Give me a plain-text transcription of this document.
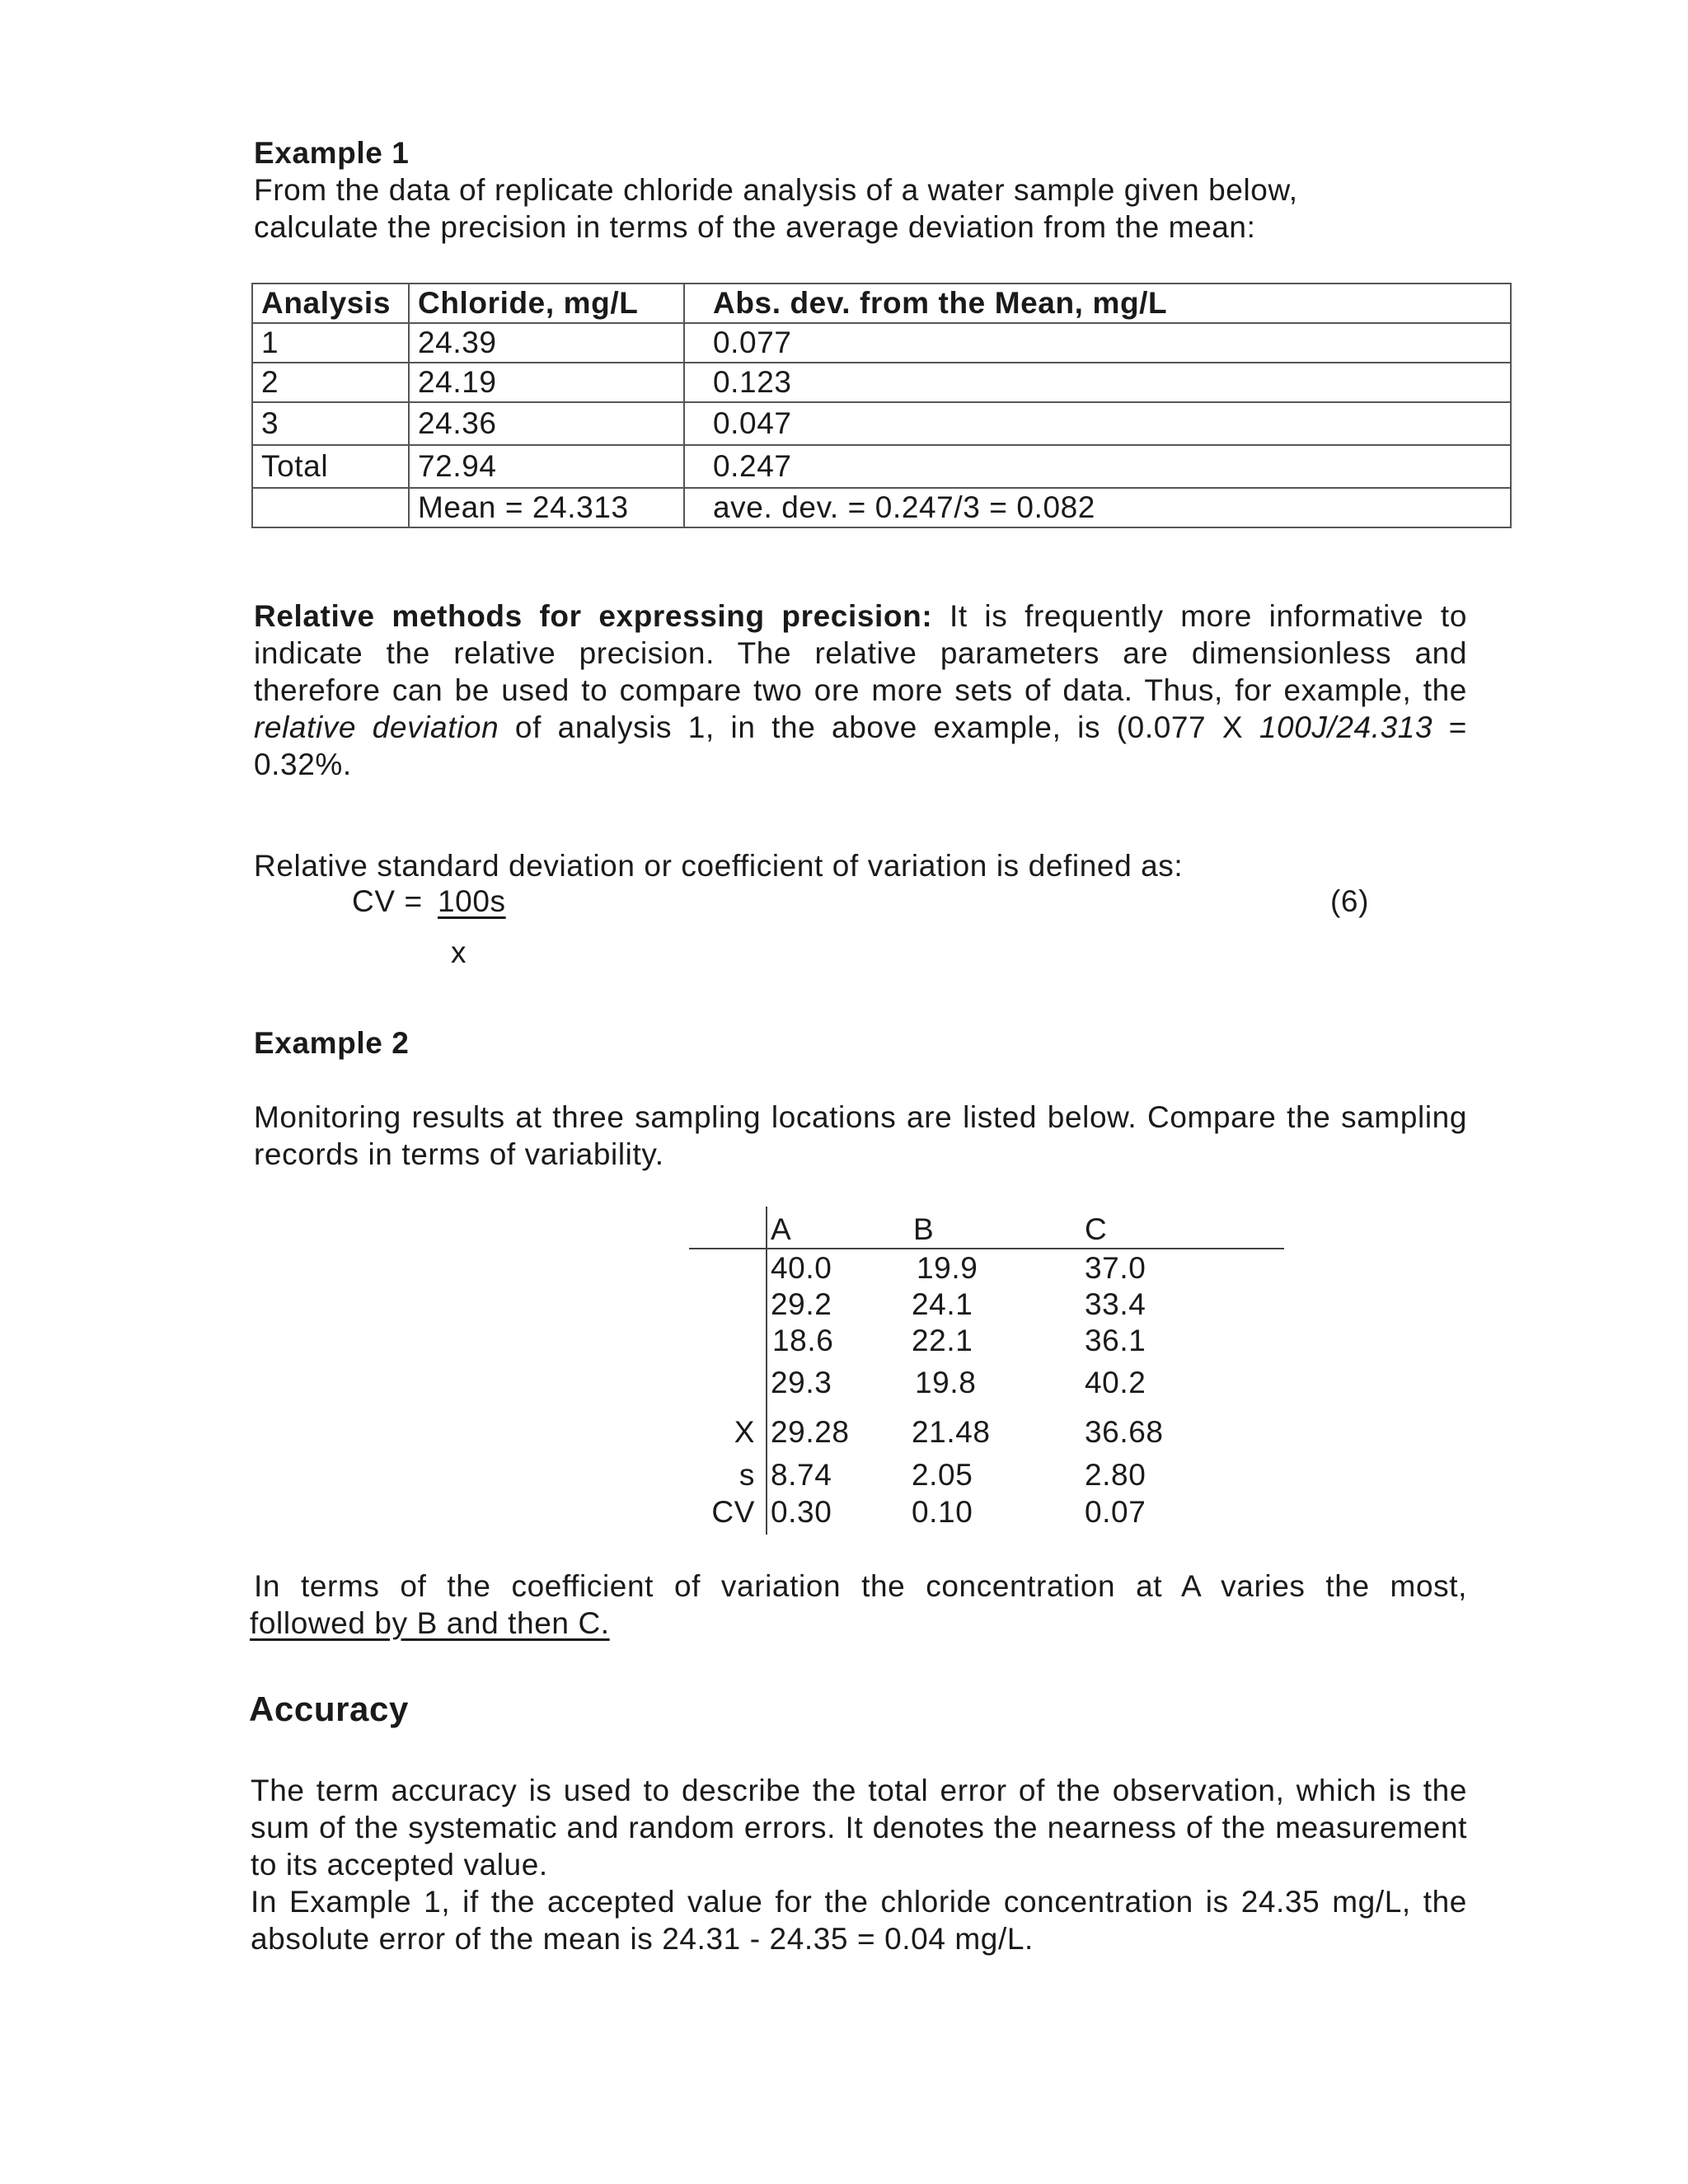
Example 1
From the data of replicate chloride analysis of a water sample given below,
calculate the precision in terms of the average deviation from the mean:
Analysis	Chloride, mg/L	Abs. dev. from the Mean, mg/L
1	24.39	0.077
2	24.19	0.123
3	24.36	0.047
Total	72.94	0.247
	Mean = 24.313	ave. dev. = 0.247/3 = 0.082
Relative methods for expressing precision: It is frequently more informative to indicate the relative precision. The relative parameters are dimensionless and therefore can be used to compare two ore more sets of data. Thus, for example, the relative deviation of analysis 1, in the above example, is (0.077 X 100J/24.313 = 0.32%.
Relative standard deviation or coefficient of variation is defined as:
CV = 100s
x
(6)
Example 2
Monitoring results at three sampling locations are listed below. Compare the sampling records in terms of variability.
A	B	C
40.0	19.9	37.0
29.2	24.1	33.4
18.6	22.1	36.1
29.3	19.8	40.2
X 29.28 21.48	36.68
s 8.74	2.05	2.80
CV 0.30	0.10	0.07
In terms of the coefficient of variation the concentration at A varies the most,
followed by B and then C.
Accuracy
The term accuracy is used to describe the total error of the observation, which is the sum of the systematic and random errors. It denotes the nearness of the measurement to its accepted value.
In Example 1, if the accepted value for the chloride concentration is 24.35 mg/L, the absolute error of the mean is 24.31 - 24.35 = 0.04 mg/L.
